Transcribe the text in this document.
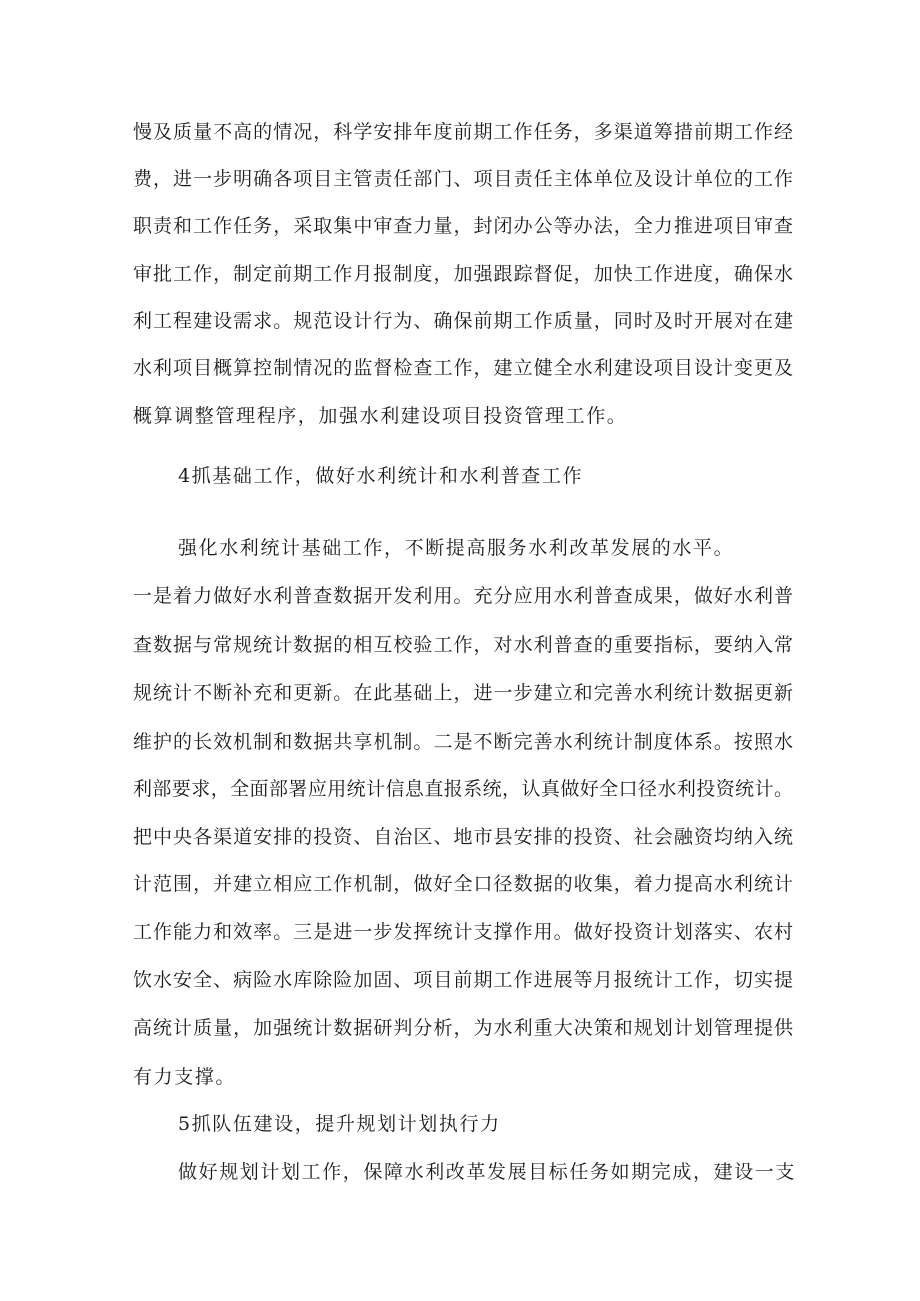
慢及质量不高的情况，科学安排年度前期工作任务，多渠道筹措前期工作经
费，进一步明确各项目主管责任部门、项目责任主体单位及设计单位的工作
职责和工作任务，采取集中审查力量，封闭办公等办法，全力推进项目审查
审批工作，制定前期工作月报制度，加强跟踪督促，加快工作进度，确保水
利工程建设需求。规范设计行为、确保前期工作质量，同时及时开展对在建
水利项目概算控制情况的监督检查工作，建立健全水利建设项目设计变更及
概算调整管理程序，加强水利建设项目投资管理工作。
4抓基础工作，做好水利统计和水利普查工作
强化水利统计基础工作，不断提高服务水利改革发展的水平。
一是着力做好水利普查数据开发利用。充分应用水利普查成果，做好水利普
查数据与常规统计数据的相互校验工作，对水利普查的重要指标，要纳入常
规统计不断补充和更新。在此基础上，进一步建立和完善水利统计数据更新
维护的长效机制和数据共享机制。二是不断完善水利统计制度体系。按照水
利部要求，全面部署应用统计信息直报系统，认真做好全口径水利投资统计。
把中央各渠道安排的投资、自治区、地市县安排的投资、社会融资均纳入统
计范围，并建立相应工作机制，做好全口径数据的收集，着力提高水利统计
工作能力和效率。三是进一步发挥统计支撑作用。做好投资计划落实、农村
饮水安全、病险水库除险加固、项目前期工作进展等月报统计工作，切实提
高统计质量，加强统计数据研判分析，为水利重大决策和规划计划管理提供
有力支撑。
5抓队伍建设，提升规划计划执行力
做好规划计划工作，保障水利改革发展目标任务如期完成，建设一支
